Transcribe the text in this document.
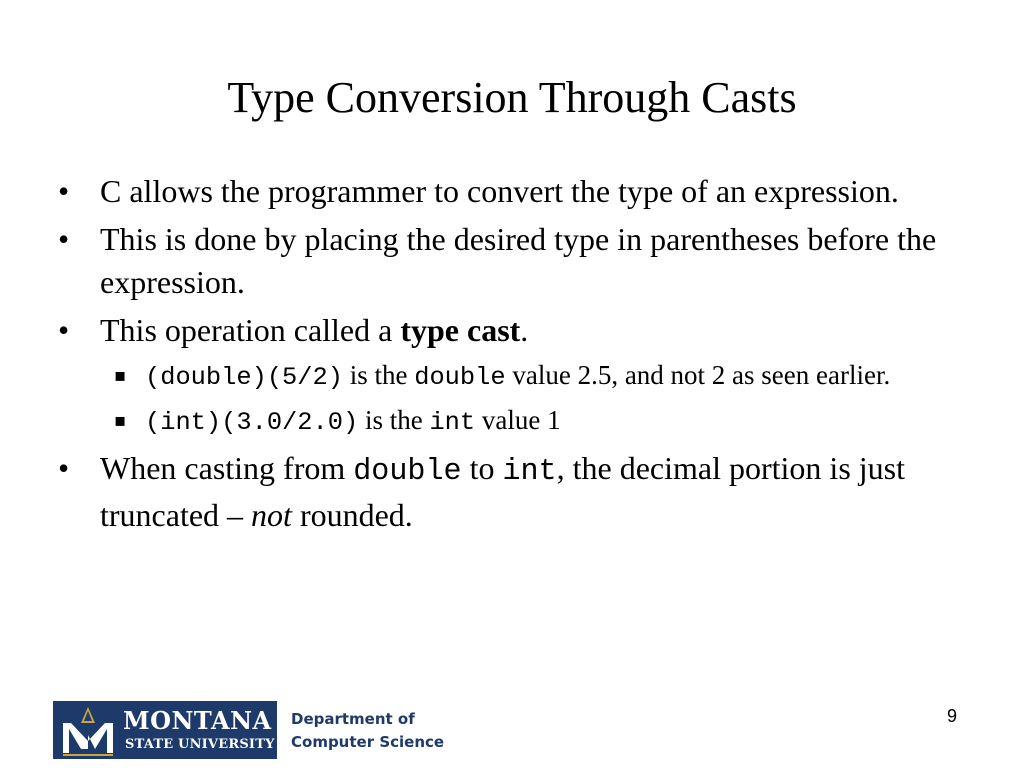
Type Conversion Through Casts
• C allows the programmer to convert the type of an expression.
• This is done by placing the desired type in parentheses before the expression.
• This operation called a type cast.
▪ (double)(5/2) is the double value 2.5, and not 2 as seen earlier.
▪ (int)(3.0/2.0) is the int value 1
• When casting from double to int, the decimal portion is just truncated – not rounded.
MONTANA
STATE UNIVERSITY
Department of
Computer Science
9
